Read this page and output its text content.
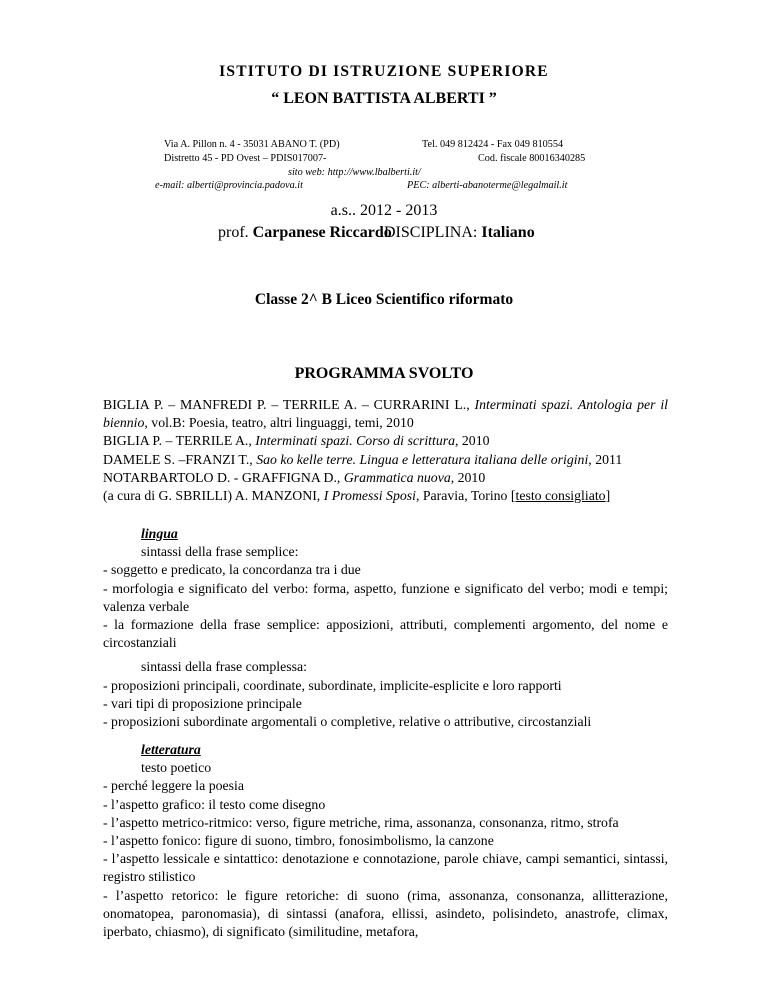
ISTITUTO DI ISTRUZIONE SUPERIORE
“ LEON BATTISTA ALBERTI ”
Via A. Pillon n. 4 - 35031 ABANO T. (PD)	Tel. 049 812424 - Fax 049 810554
Distretto 45 - PD Ovest – PDIS017007-	Cod. fiscale 80016340285
sito web: http://www.lbalberti.it/
e-mail: alberti@provincia.padova.it	PEC: alberti-abanoterme@legalmail.it
a.s.. 2012 - 2013
prof. Carpanese Riccardo
DISCIPLINA: Italiano
Classe 2^ B Liceo Scientifico riformato
PROGRAMMA SVOLTO
BIGLIA P. – MANFREDI P. – TERRILE A. – CURRARINI L., Interminati spazi. Antologia per il biennio, vol.B: Poesia, teatro, altri linguaggi, temi, 2010
BIGLIA P. – TERRILE A., Interminati spazi. Corso di scrittura, 2010
DAMELE S. –FRANZI T., Sao ko kelle terre. Lingua e letteratura italiana delle origini, 2011
NOTARBARTOLO D. - GRAFFIGNA D., Grammatica nuova, 2010
(a cura di G. SBRILLI) A. MANZONI, I Promessi Sposi, Paravia, Torino [testo consigliato]
lingua
sintassi della frase semplice:
- soggetto e predicato, la concordanza tra i due
- morfologia e significato del verbo: forma, aspetto, funzione e significato del verbo; modi e tempi; valenza verbale
- la formazione della frase semplice: apposizioni, attributi, complementi argomento, del nome e circostanziali
sintassi della frase complessa:
- proposizioni principali, coordinate, subordinate, implicite-esplicite e loro rapporti
- vari tipi di proposizione principale
- proposizioni subordinate argomentali o completive, relative o attributive, circostanziali
letteratura
testo poetico
- perché leggere la poesia
- l’aspetto grafico: il testo come disegno
- l’aspetto metrico-ritmico: verso, figure metriche, rima, assonanza, consonanza, ritmo, strofa
- l’aspetto fonico: figure di suono, timbro, fonosimbolismo, la canzone
- l’aspetto lessicale e sintattico: denotazione e connotazione, parole chiave, campi semantici, sintassi, registro stilistico
- l’aspetto retorico: le figure retoriche: di suono (rima, assonanza, consonanza, allitterazione, onomatopea, paronomasia), di sintassi (anafora, ellissi, asindeto, polisindeto, anastrofe, climax, iperbato, chiasmo), di significato (similitudine, metafora,
